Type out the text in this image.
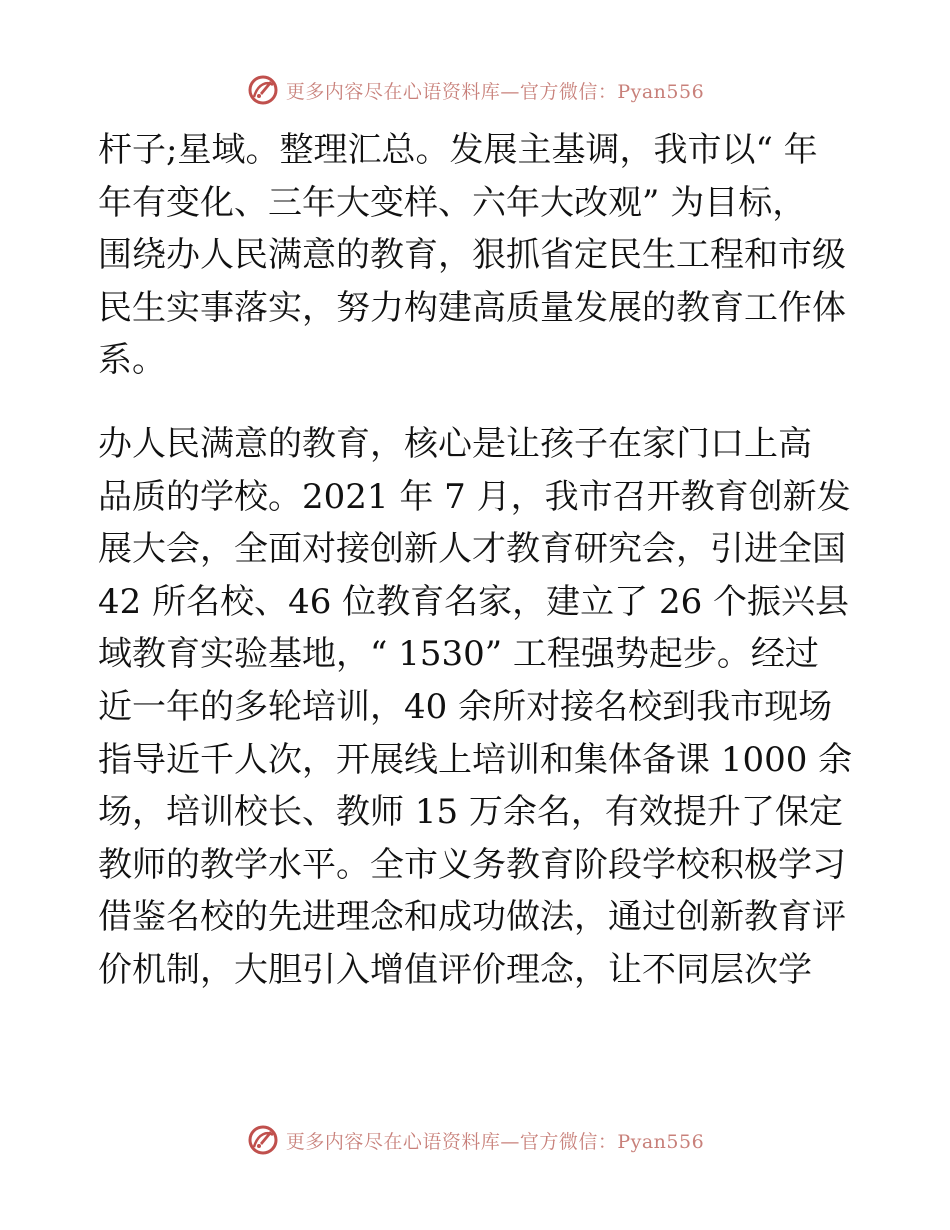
更多内容尽在心语资料库—官方微信：Pyan556

杆子;星域。整理汇总。发展主基调，我市以“ 年
年有变化、三年大变样、六年大改观” 为目标，
围绕办人民满意的教育，狠抓省定民生工程和市级
民生实事落实，努力构建高质量发展的教育工作体
系。

办人民满意的教育，核心是让孩子在家门口上高
品质的学校。2021 年 7 月，我市召开教育创新发
展大会，全面对接创新人才教育研究会，引进全国
42 所名校、46 位教育名家，建立了 26 个振兴县
域教育实验基地，“ 1530” 工程强势起步。经过
近一年的多轮培训，40 余所对接名校到我市现场
指导近千人次，开展线上培训和集体备课 1000 余
场，培训校长、教师 15 万余名，有效提升了保定
教师的教学水平。全市义务教育阶段学校积极学习
借鉴名校的先进理念和成功做法，通过创新教育评
价机制，大胆引入增值评价理念，让不同层次学

更多内容尽在心语资料库—官方微信：Pyan556
